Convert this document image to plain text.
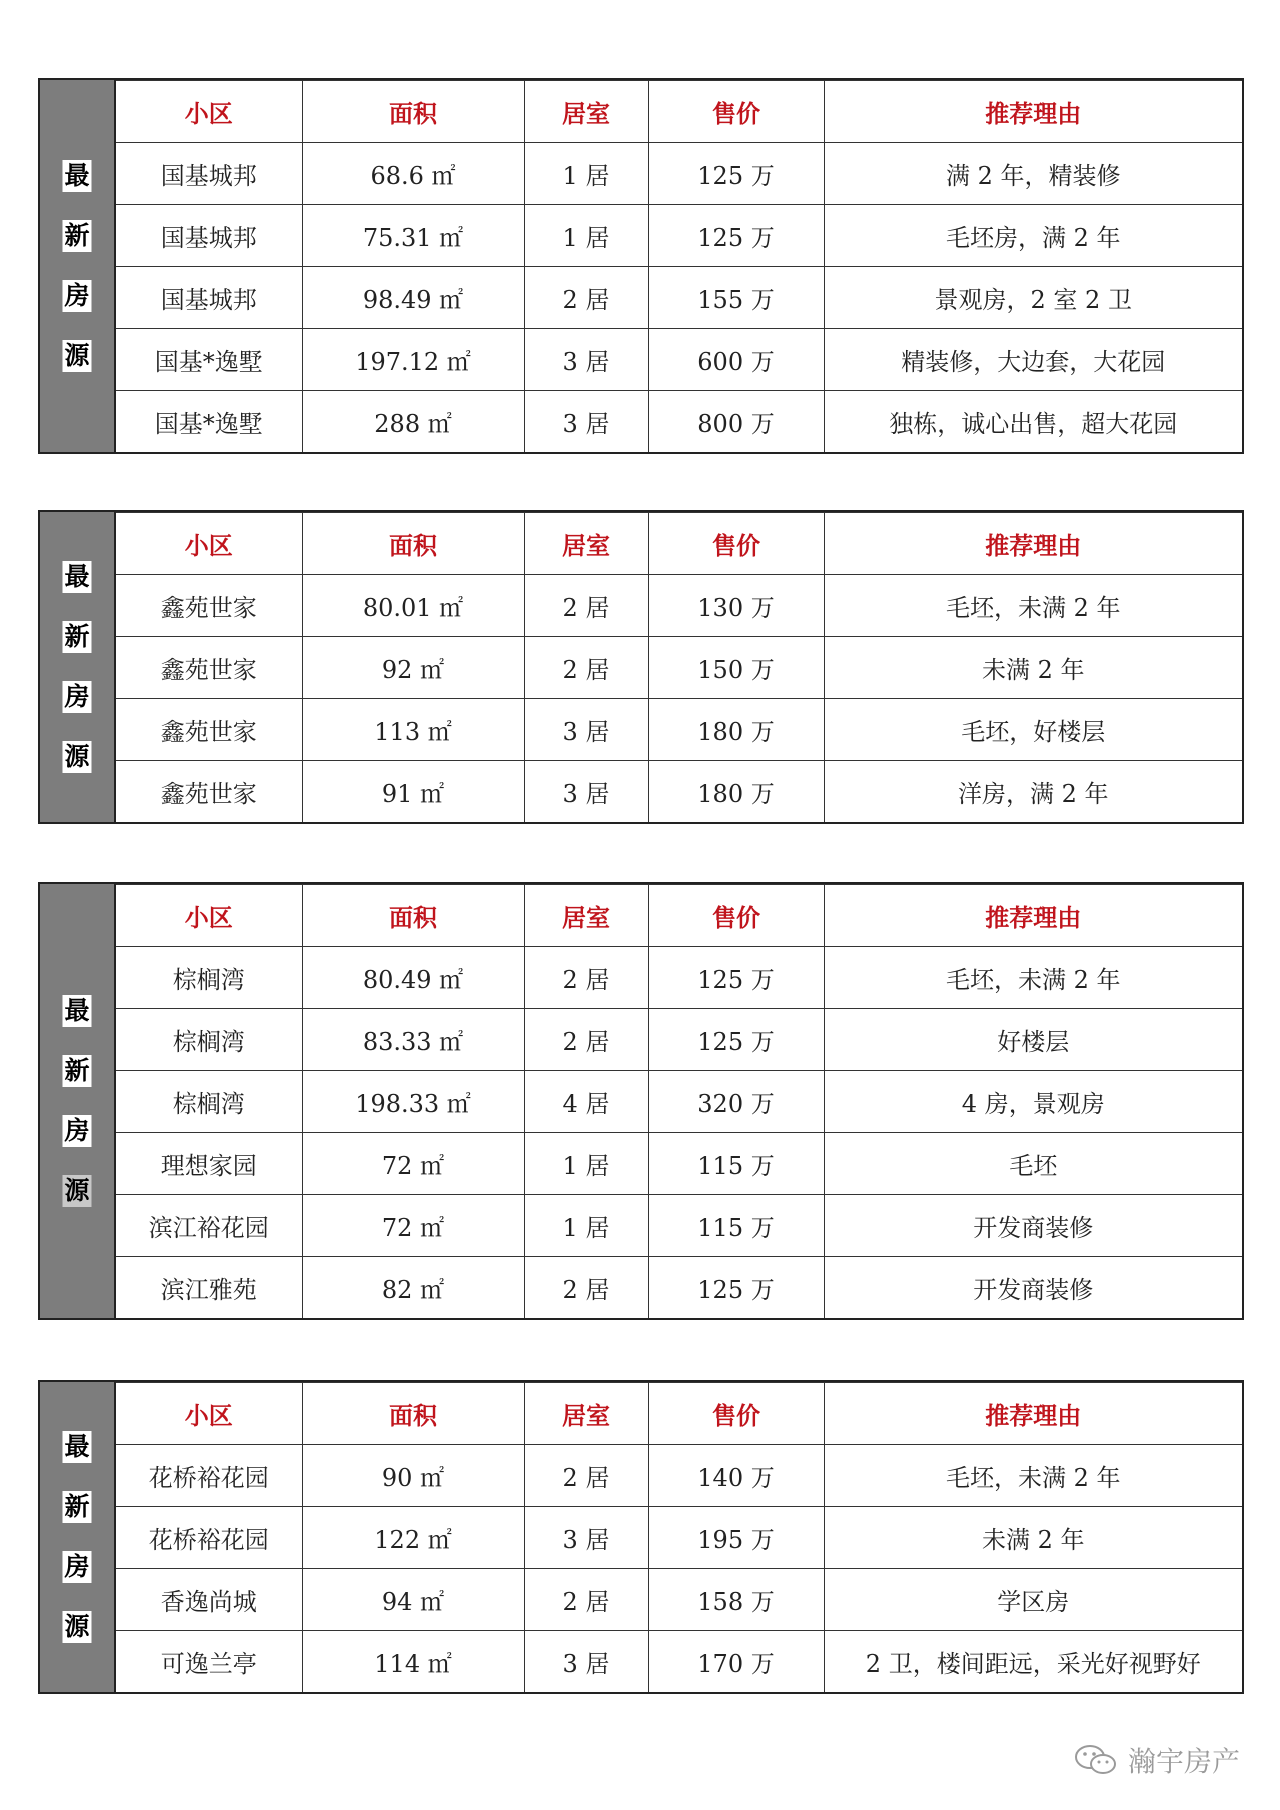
最
新
房
源
小区	面积	居室	售价	推荐理由
国基城邦	68.6 ㎡	1 居	125 万	满 2 年，精装修
国基城邦	75.31 ㎡	1 居	125 万	毛坯房，满 2 年
国基城邦	98.49 ㎡	2 居	155 万	景观房，2 室 2 卫
国基*逸墅	197.12 ㎡	3 居	600 万	精装修，大边套，大花园
国基*逸墅	288 ㎡	3 居	800 万	独栋，诚心出售，超大花园
最
新
房
源
小区	面积	居室	售价	推荐理由
鑫苑世家	80.01 ㎡	2 居	130 万	毛坯，未满 2 年
鑫苑世家	92 ㎡	2 居	150 万	未满 2 年
鑫苑世家	113 ㎡	3 居	180 万	毛坯，好楼层
鑫苑世家	91 ㎡	3 居	180 万	洋房，满 2 年
最
新
房
源
小区	面积	居室	售价	推荐理由
棕榈湾	80.49 ㎡	2 居	125 万	毛坯，未满 2 年
棕榈湾	83.33 ㎡	2 居	125 万	好楼层
棕榈湾	198.33 ㎡	4 居	320 万	4 房，景观房
理想家园	72 ㎡	1 居	115 万	毛坯
滨江裕花园	72 ㎡	1 居	115 万	开发商装修
滨江雅苑	82 ㎡	2 居	125 万	开发商装修
最
新
房
源
小区	面积	居室	售价	推荐理由
花桥裕花园	90 ㎡	2 居	140 万	毛坯，未满 2 年
花桥裕花园	122 ㎡	3 居	195 万	未满 2 年
香逸尚城	94 ㎡	2 居	158 万	学区房
可逸兰亭	114 ㎡	3 居	170 万	2 卫，楼间距远，采光好视野好
瀚宇房产
